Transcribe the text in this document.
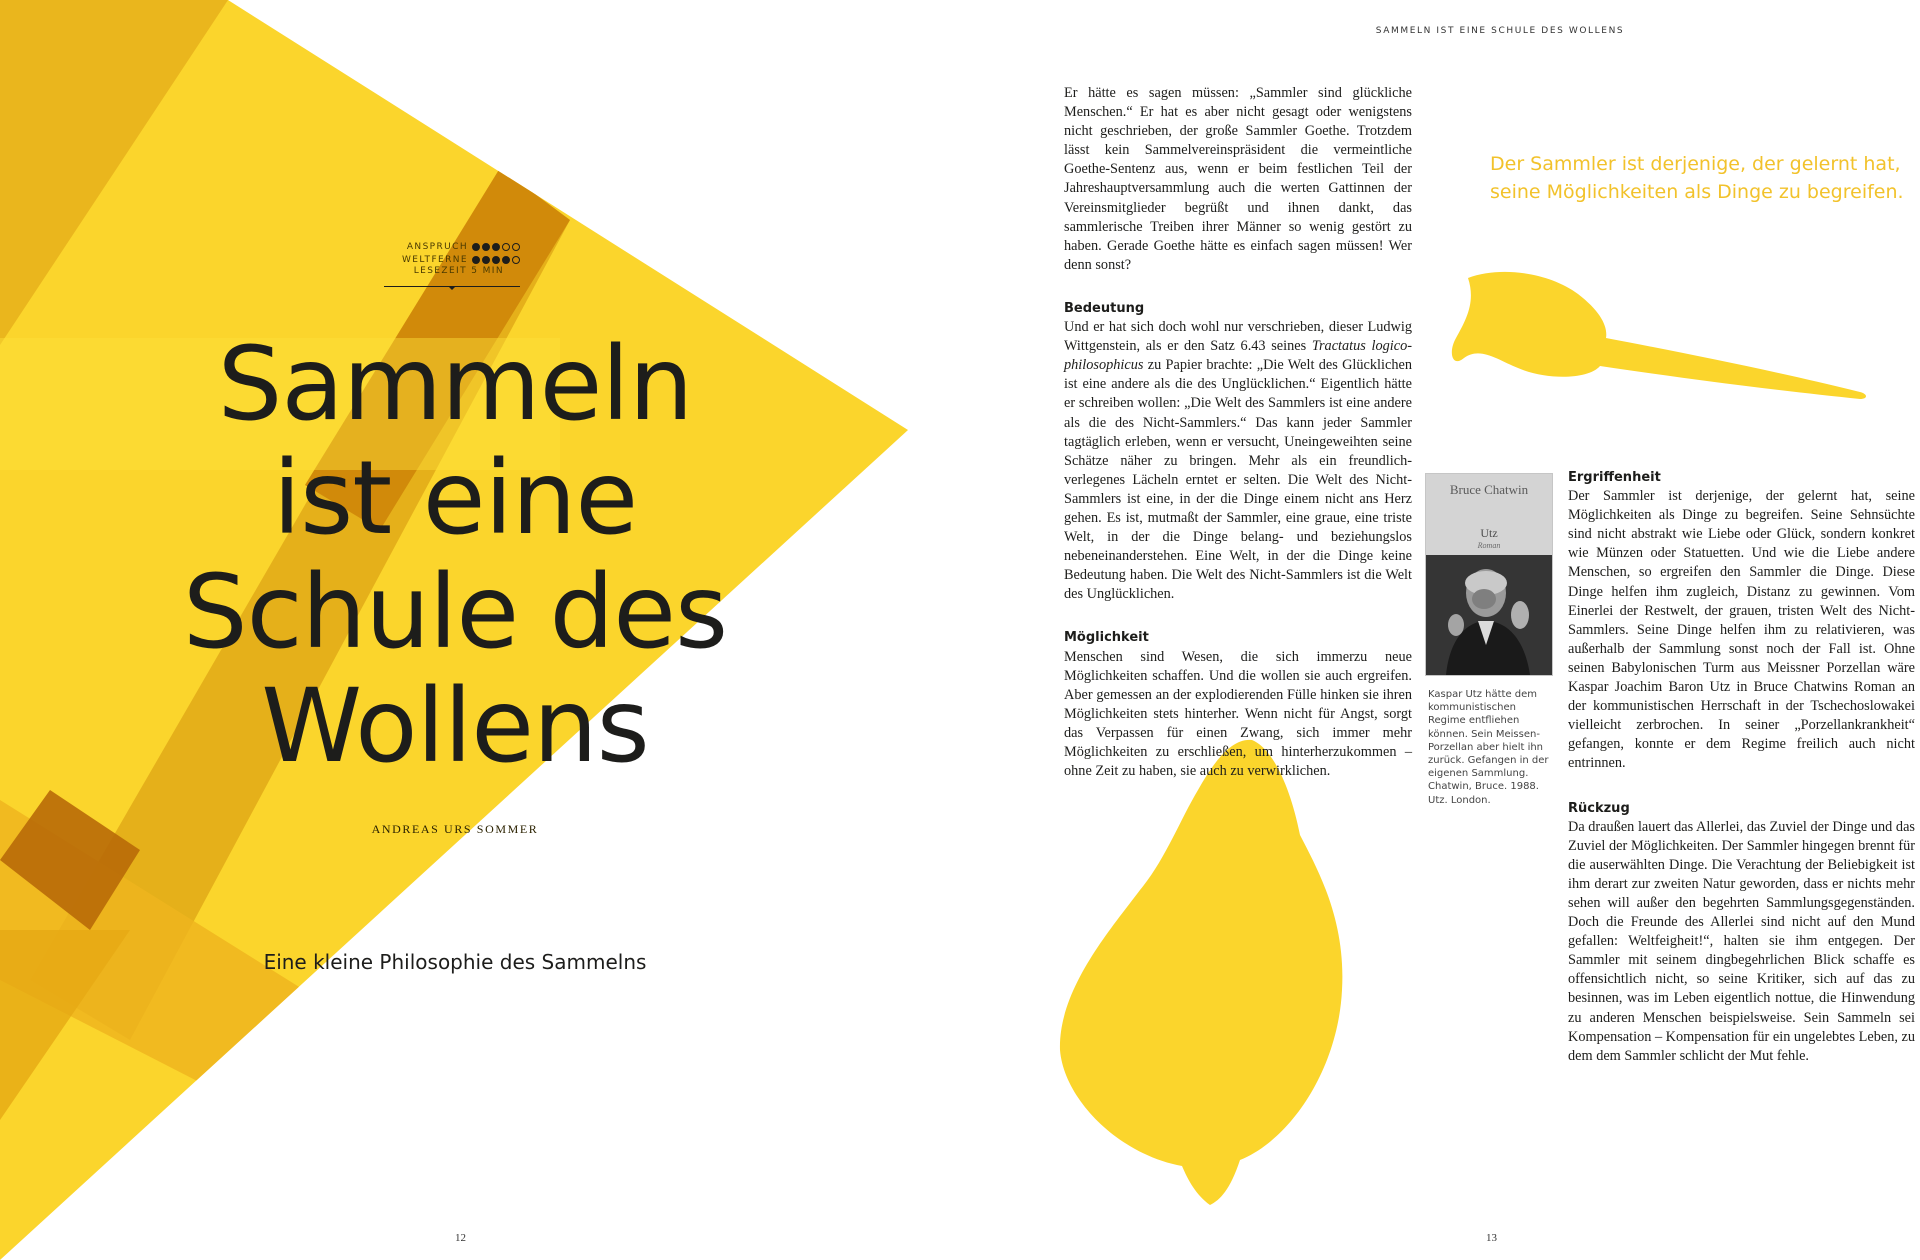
ANSPRUCH
WELTFERNE
LESEZEIT 5 MIN
Sammeln
ist eine
Schule des
Wollens
ANDREAS URS SOMMER
Eine kleine Philosophie des Sammelns
12
SAMMELN IST EINE SCHULE DES WOLLENS

Er hätte es sagen müssen: „Sammler sind glückliche Menschen.“ Er hat es aber nicht gesagt oder wenigstens nicht geschrieben, der große Sammler Goethe. Trotzdem lässt kein Sammelvereinspräsident die vermeintliche Goethe-Sentenz aus, wenn er beim festlichen Teil der Jahreshauptversammlung auch die werten Gattinnen der Vereinsmitglieder begrüßt und ihnen dankt, das sammlerische Treiben ihrer Männer so wenig gestört zu haben. Gerade Goethe hätte es einfach sagen müssen! Wer denn sonst?

Bedeutung

Und er hat sich doch wohl nur verschrieben, dieser Ludwig Wittgenstein, als er den Satz 6.43 seines Tractatus logico-philosophicus zu Papier brachte: „Die Welt des Glücklichen ist eine andere als die des Unglücklichen.“ Eigentlich hätte er schreiben wollen: „Die Welt des Sammlers ist eine andere als die des Nicht-Sammlers.“ Das kann jeder Sammler tagtäglich erleben, wenn er versucht, Uneingeweihten seine Schätze näher zu bringen. Mehr als ein freundlich-verlegenes Lächeln erntet er selten. Die Welt des Nicht-Sammlers ist eine, in der die Dinge einem nicht ans Herz gehen. Es ist, mutmaßt der Sammler, eine graue, eine triste Welt, in der die Dinge belang- und beziehungslos nebeneinanderstehen. Eine Welt, in der die Dinge keine Bedeutung haben. Die Welt des Nicht-Sammlers ist die Welt des Unglücklichen.

Möglichkeit

Menschen sind Wesen, die sich immerzu neue Möglichkeiten schaffen. Und die wollen sie auch ergreifen. Aber gemessen an der explodierenden Fülle hinken sie ihren Möglichkeiten stets hinterher. Wenn nicht für Angst, sorgt das Verpassen für einen Zwang, sich immer mehr Möglichkeiten zu erschließen, um hinterherzukommen – ohne Zeit zu haben, sie auch zu verwirklichen.

Der Sammler ist derjenige, der gelernt hat, seine Möglichkeiten als Dinge zu begreifen.

Bruce Chatwin
Utz
Roman

Kaspar Utz hätte dem kommunistischen Regime entfliehen können. Sein Meissen-Porzellan aber hielt ihn zurück. Gefangen in der eigenen Sammlung. Chatwin, Bruce. 1988. Utz. London.

Ergriffenheit

Der Sammler ist derjenige, der gelernt hat, seine Möglichkeiten als Dinge zu begreifen. Seine Sehnsüchte sind nicht abstrakt wie Liebe oder Glück, sondern konkret wie Münzen oder Statuetten. Und wie die Liebe andere Menschen, so ergreifen den Sammler die Dinge. Diese Dinge helfen ihm zugleich, Distanz zu gewinnen. Vom Einerlei der Restwelt, der grauen, tristen Welt des Nicht-Sammlers. Seine Dinge helfen ihm zu relativieren, was außerhalb der Sammlung sonst noch der Fall ist. Ohne seinen Babylonischen Turm aus Meissner Porzellan wäre Kaspar Joachim Baron Utz in Bruce Chatwins Roman an der kommunistischen Herrschaft in der Tschechoslowakei vielleicht zerbrochen. In seiner „Porzellankrankheit“ gefangen, konnte er dem Regime freilich auch nicht entrinnen.

Rückzug

Da draußen lauert das Allerlei, das Zuviel der Dinge und das Zuviel der Möglichkeiten. Der Sammler hingegen brennt für die auserwählten Dinge. Die Verachtung der Beliebigkeit ist ihm derart zur zweiten Natur geworden, dass er nichts mehr sehen will außer den begehrten Sammlungsgegenständen. Doch die Freunde des Allerlei sind nicht auf den Mund gefallen: Weltfeigheit!“, halten sie ihm entgegen. Der Sammler mit seinem dingbegehrlichen Blick schaffe es offensichtlich nicht, so seine Kritiker, sich auf das zu besinnen, was im Leben eigentlich nottue, die Hinwendung zu anderen Menschen beispielsweise. Sein Sammeln sei Kompensation – Kompensation für ein ungelebtes Leben, zu dem dem Sammler schlicht der Mut fehle.

13
